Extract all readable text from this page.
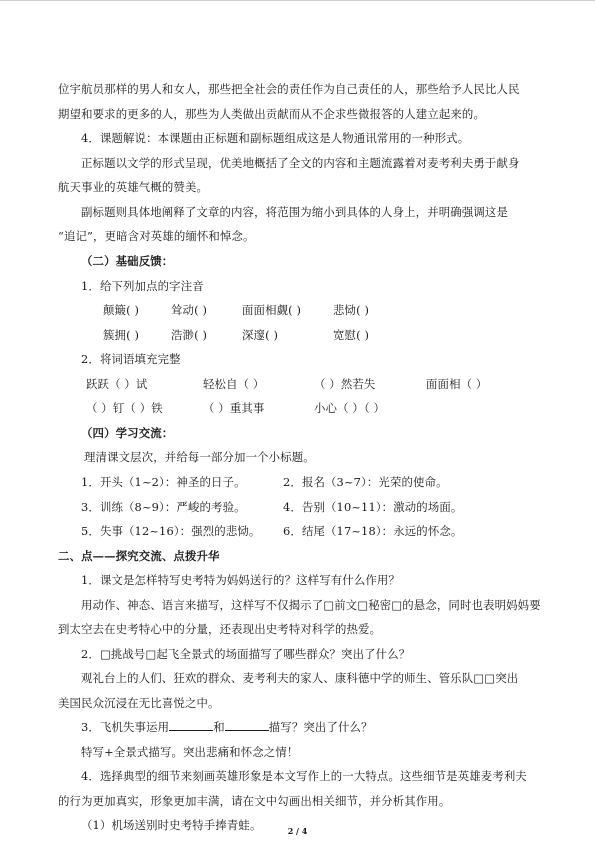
位宇航员那样的男人和女人，那些把全社会的责任作为自己责任的人，那些给予人民比人民
期望和要求的更多的人，那些为人类做出贡献而从不企求些微报答的人建立起来的。
4．课题解说：本课题由正标题和副标题组成这是人物通讯常用的一种形式。
正标题以文学的形式呈现，优美地概括了全文的内容和主题流露着对麦考利夫勇于献身
航天事业的英雄气概的赞美。
副标题则具体地阐释了文章的内容，将范围为缩小到具体的人身上，并明确强调这是
“追记”，更暗含对英雄的缅怀和悼念。
（二）基础反馈：
1．给下列加点的字注音
颠簸( )	耸动( )	面面相觑( )	悲恸( )
簇拥( )	浩渺( )	深邃( )	宽慰( )
2．将词语填充完整
跃跃（ ）试	轻松自（ ）	（ ）然若失	面面相（ ）
（ ）钉（ ）铁	（ ）重其事	小心（ ）（ ）
（四）学习交流：
理清课文层次，并给每一部分加一个小标题。
1．开头（1~2）：神圣的日子。	2．报名（3~7）：光荣的使命。
3．训练（8~9）：严峻的考验。	4．告别（10~11）：激动的场面。
5．失事（12~16）：强烈的悲恸。 6．结尾（17~18）：永远的怀念。
二、点——探究交流、点拨升华
1．课文是怎样特写史考特为妈妈送行的？这样写有什么作用？
用动作、神态、语言来描写，这样写不仅揭示了□前文□秘密□的悬念，同时也表明妈妈要
到太空去在史考特心中的分量，还表现出史考特对科学的热爱。
2．□挑战号□起飞全景式的场面描写了哪些群众？突出了什么？
观礼台上的人们、狂欢的群众、麦考利夫的家人、康科德中学的师生、管乐队□□突出
美国民众沉浸在无比喜悦之中。
3．飞机失事运用	和	描写？突出了什么？
特写+全景式描写。突出悲痛和怀念之情！
4．选择典型的细节来刻画英雄形象是本文写作上的一大特点。这些细节是英雄麦考利夫
的行为更加真实，形象更加丰满，请在文中勾画出相关细节，并分析其作用。
（1）机场送别时史考特手捧青蛙。	2 / 4
